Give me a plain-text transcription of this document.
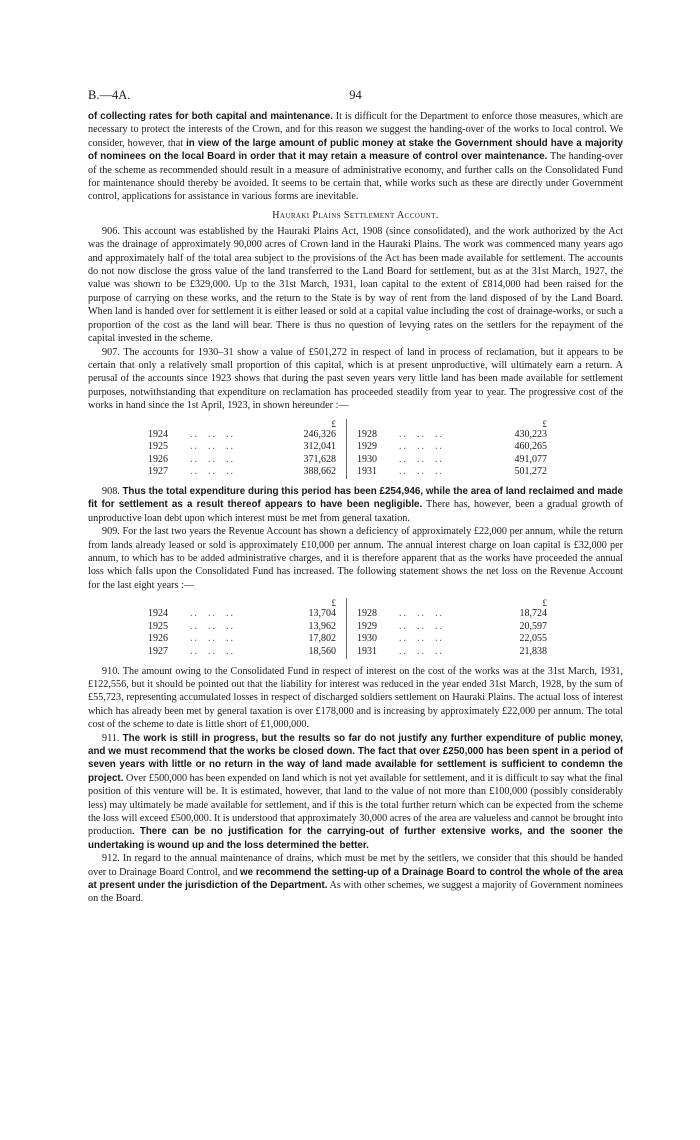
B.—4A.	94

of collecting rates for both capital and maintenance. It is difficult for the Department to enforce those measures, which are necessary to protect the interests of the Crown, and for this reason we suggest the handing-over of the works to local control. We consider, however, that in view of the large amount of public money at stake the Government should have a majority of nominees on the local Board in order that it may retain a measure of control over maintenance. The handing-over of the scheme as recommended should result in a measure of administrative economy, and further calls on the Consolidated Fund for maintenance should thereby be avoided. It seems to be certain that, while works such as these are directly under Government control, applications for assistance in various forms are inevitable.

Hauraki Plains Settlement Account.

906. This account was established by the Hauraki Plains Act, 1908 (since consolidated), and the work authorized by the Act was the drainage of approximately 90,000 acres of Crown land in the Hauraki Plains. The work was commenced many years ago and approximately half of the total area subject to the provisions of the Act has been made available for settlement. The accounts do not now disclose the gross value of the land transferred to the Land Board for settlement, but as at the 31st March, 1927, the value was shown to be £329,000. Up to the 31st March, 1931, loan capital to the extent of £814,000 had been raised for the purpose of carrying on these works, and the return to the State is by way of rent from the land disposed of by the Land Board. When land is handed over for settlement it is either leased or sold at a capital value including the cost of drainage-works, or such a proportion of the cost as the land will bear. There is thus no question of levying rates on the settlers for the repayment of the capital invested in the scheme.

907. The accounts for 1930–31 show a value of £501,272 in respect of land in process of reclamation, but it appears to be certain that only a relatively small proportion of this capital, which is at present unproductive, will ultimately earn a return. A perusal of the accounts since 1923 shows that during the past seven years very little land has been made available for settlement purposes, notwithstanding that expenditure on reclamation has proceeded steadily from year to year. The progressive cost of the works in hand since the 1st April, 1923, in shown hereunder :—

		£				£
1924	..  ..  ..	246,326		1928	..  ..  ..	430,223
1925	..  ..  ..	312,041		1929	..  ..  ..	460,265
1926	..  ..  ..	371,628		1930	..  ..  ..	491,077
1927	..  ..  ..	388,662		1931	..  ..  ..	501,272

908. Thus the total expenditure during this period has been £254,946, while the area of land reclaimed and made fit for settlement as a result thereof appears to have been negligible. There has, however, been a gradual growth of unproductive loan debt upon which interest must be met from general taxation.

909. For the last two years the Revenue Account has shown a deficiency of approximately £22,000 per annum, while the return from lands already leased or sold is approximately £10,000 per annum. The annual interest charge on loan capital is £32,000 per annum, to which has to be added administrative charges, and it is therefore apparent that as the works have proceeded the annual loss which falls upon the Consolidated Fund has increased. The following statement shows the net loss on the Revenue Account for the last eight years :—

		£				£
1924	..  ..  ..	13,704		1928	..  ..  ..	18,724
1925	..  ..  ..	13,962		1929	..  ..  ..	20,597
1926	..  ..  ..	17,802		1930	..  ..  ..	22,055
1927	..  ..  ..	18,560		1931	..  ..  ..	21,838

910. The amount owing to the Consolidated Fund in respect of interest on the cost of the works was at the 31st March, 1931, £122,556, but it should be pointed out that the liability for interest was reduced in the year ended 31st March, 1928, by the sum of £55,723, representing accumulated losses in respect of discharged soldiers settlement on Hauraki Plains. The actual loss of interest which has already been met by general taxation is over £178,000 and is increasing by approximately £22,000 per annum. The total cost of the scheme to date is little short of £1,000,000.

911. The work is still in progress, but the results so far do not justify any further expenditure of public money, and we must recommend that the works be closed down. The fact that over £250,000 has been spent in a period of seven years with little or no return in the way of land made available for settlement is sufficient to condemn the project. Over £500,000 has been expended on land which is not yet available for settlement, and it is difficult to say what the final position of this venture will be. It is estimated, however, that land to the value of not more than £100,000 (possibly considerably less) may ultimately be made available for settlement, and if this is the total further return which can be expected from the scheme the loss will exceed £500,000. It is understood that approximately 30,000 acres of the area are valueless and cannot be brought into production. There can be no justification for the carrying-out of further extensive works, and the sooner the undertaking is wound up and the loss determined the better.

912. In regard to the annual maintenance of drains, which must be met by the settlers, we consider that this should be handed over to Drainage Board Control, and we recommend the setting-up of a Drainage Board to control the whole of the area at present under the jurisdiction of the Department. As with other schemes, we suggest a majority of Government nominees on the Board.
